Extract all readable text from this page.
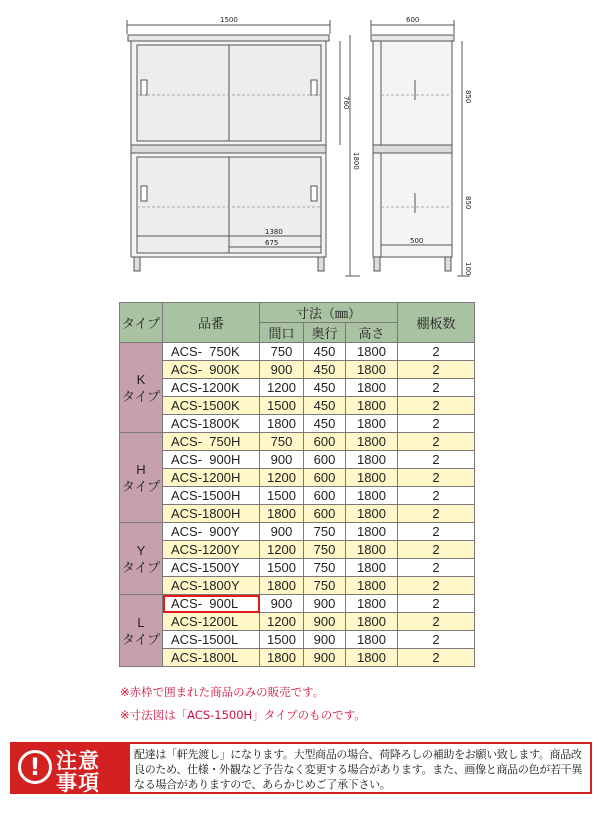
1500
760
1800
1380
675
600
850
850
500
100
タイプ	品番	寸法（㎜）			棚板数
		間口	奥行	高さ	
K
タイプ	ACS-  750K	750	450	1800	2
	ACS-  900K	900	450	1800	2
	ACS-1200K	1200	450	1800	2
	ACS-1500K	1500	450	1800	2
	ACS-1800K	1800	450	1800	2
H
タイプ	ACS-  750H	750	600	1800	2
	ACS-  900H	900	600	1800	2
	ACS-1200H	1200	600	1800	2
	ACS-1500H	1500	600	1800	2
	ACS-1800H	1800	600	1800	2
Y
タイプ	ACS-  900Y	900	750	1800	2
	ACS-1200Y	1200	750	1800	2
	ACS-1500Y	1500	750	1800	2
	ACS-1800Y	1800	750	1800	2
L
タイプ	ACS-  900L	900	900	1800	2
	ACS-1200L	1200	900	1800	2
	ACS-1500L	1500	900	1800	2
	ACS-1800L	1800	900	1800	2
※赤枠で囲まれた商品のみの販売です。
※寸法図は「ACS-1500H」タイプのものです。
! 注意
事項
配達は「軒先渡し」になります。大型商品の場合、荷降ろしの補助をお願い致します。商品改良のため、仕様・外観など予告なく変更する場合があります。また、画像と商品の色が若干異なる場合がありますので、あらかじめご了承下さい。
